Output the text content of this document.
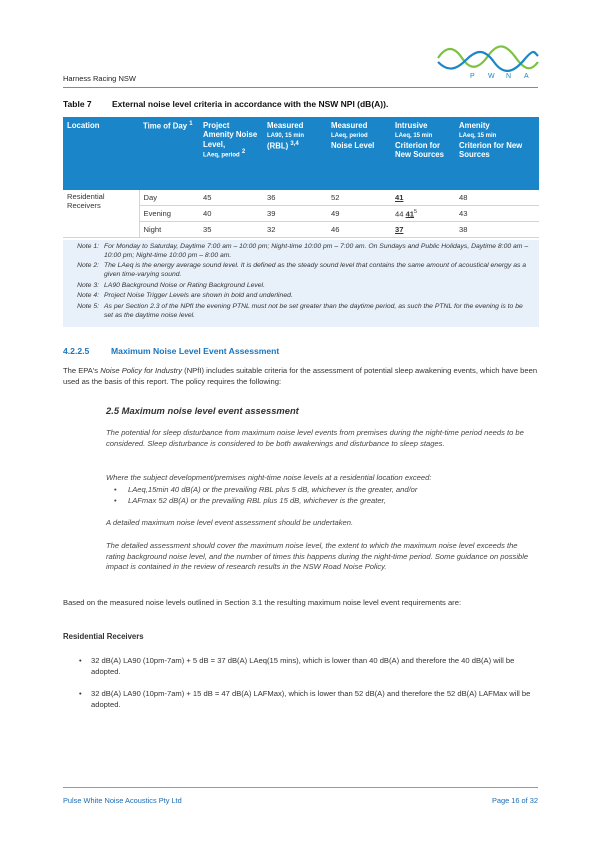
Harness Racing NSW	P W N A
Table 7 External noise level criteria in accordance with the NSW NPI (dB(A)).
Location	Time of Day $^1$	Project Amenity Noise Level,
LAeq, period $^2$	Measured
LA90, 15 min
(RBL) $^{3,4}$	Measured
LAeq, period
Noise Level	Intrusive
LAeq, 15 min
Criterion for New Sources	Amenity
LAeq, 15 min
Criterion for New Sources
Residential Receivers	Day	45	36	52	41	48
	Evening	40	39	49	44 $41^5$	43
	Night	35	32	46	37	38
Note 1: For Monday to Saturday, Daytime 7:00 am – 10:00 pm; Night-time 10:00 pm – 7:00 am. On Sundays and Public Holidays, Daytime 8:00 am – 10:00 pm; Night-time 10:00 pm – 8:00 am.
Note 2: The LAeq is the energy average sound level. It is defined as the steady sound level that contains the same amount of acoustical energy as a given time-varying sound.
Note 3: LA90 Background Noise or Rating Background Level.
Note 4: Project Noise Trigger Levels are shown in bold and underlined.
Note 5: As per Section 2.3 of the NPfI the evening PTNL must not be set greater than the daytime period, as such the PTNL for the evening is to be set as the daytime noise level.
4.2.2.5	Maximum Noise Level Event Assessment
The EPA's Noise Policy for Industry (NPfI) includes suitable criteria for the assessment of potential sleep awakening events, which have been used as the basis of this report. The policy requires the following:
2.5 Maximum noise level event assessment
The potential for sleep disturbance from maximum noise level events from premises during the night-time period needs to be considered. Sleep disturbance is considered to be both awakenings and disturbance to sleep stages.
Where the subject development/premises night-time noise levels at a residential location exceed:
•	LAeq,15min 40 dB(A) or the prevailing RBL plus 5 dB, whichever is the greater, and/or
•	LAFmax 52 dB(A) or the prevailing RBL plus 15 dB, whichever is the greater,
A detailed maximum noise level event assessment should be undertaken.
The detailed assessment should cover the maximum noise level, the extent to which the maximum noise level exceeds the rating background noise level, and the number of times this happens during the night-time period. Some guidance on possible impact is contained in the review of research results in the NSW Road Noise Policy.
Based on the measured noise levels outlined in Section 3.1 the resulting maximum noise level event requirements are:
Residential Receivers
• 32 dB(A) LA90 (10pm-7am) + 5 dB = 37 dB(A) LAeq(15 mins), which is lower than 40 dB(A) and therefore the 40 dB(A) will be adopted.
• 32 dB(A) LA90 (10pm-7am) + 15 dB = 47 dB(A) LAFMax), which is lower than 52 dB(A) and therefore the 52 dB(A) LAFMax will be adopted.
Pulse White Noise Acoustics Pty Ltd	Page 16 of 32
